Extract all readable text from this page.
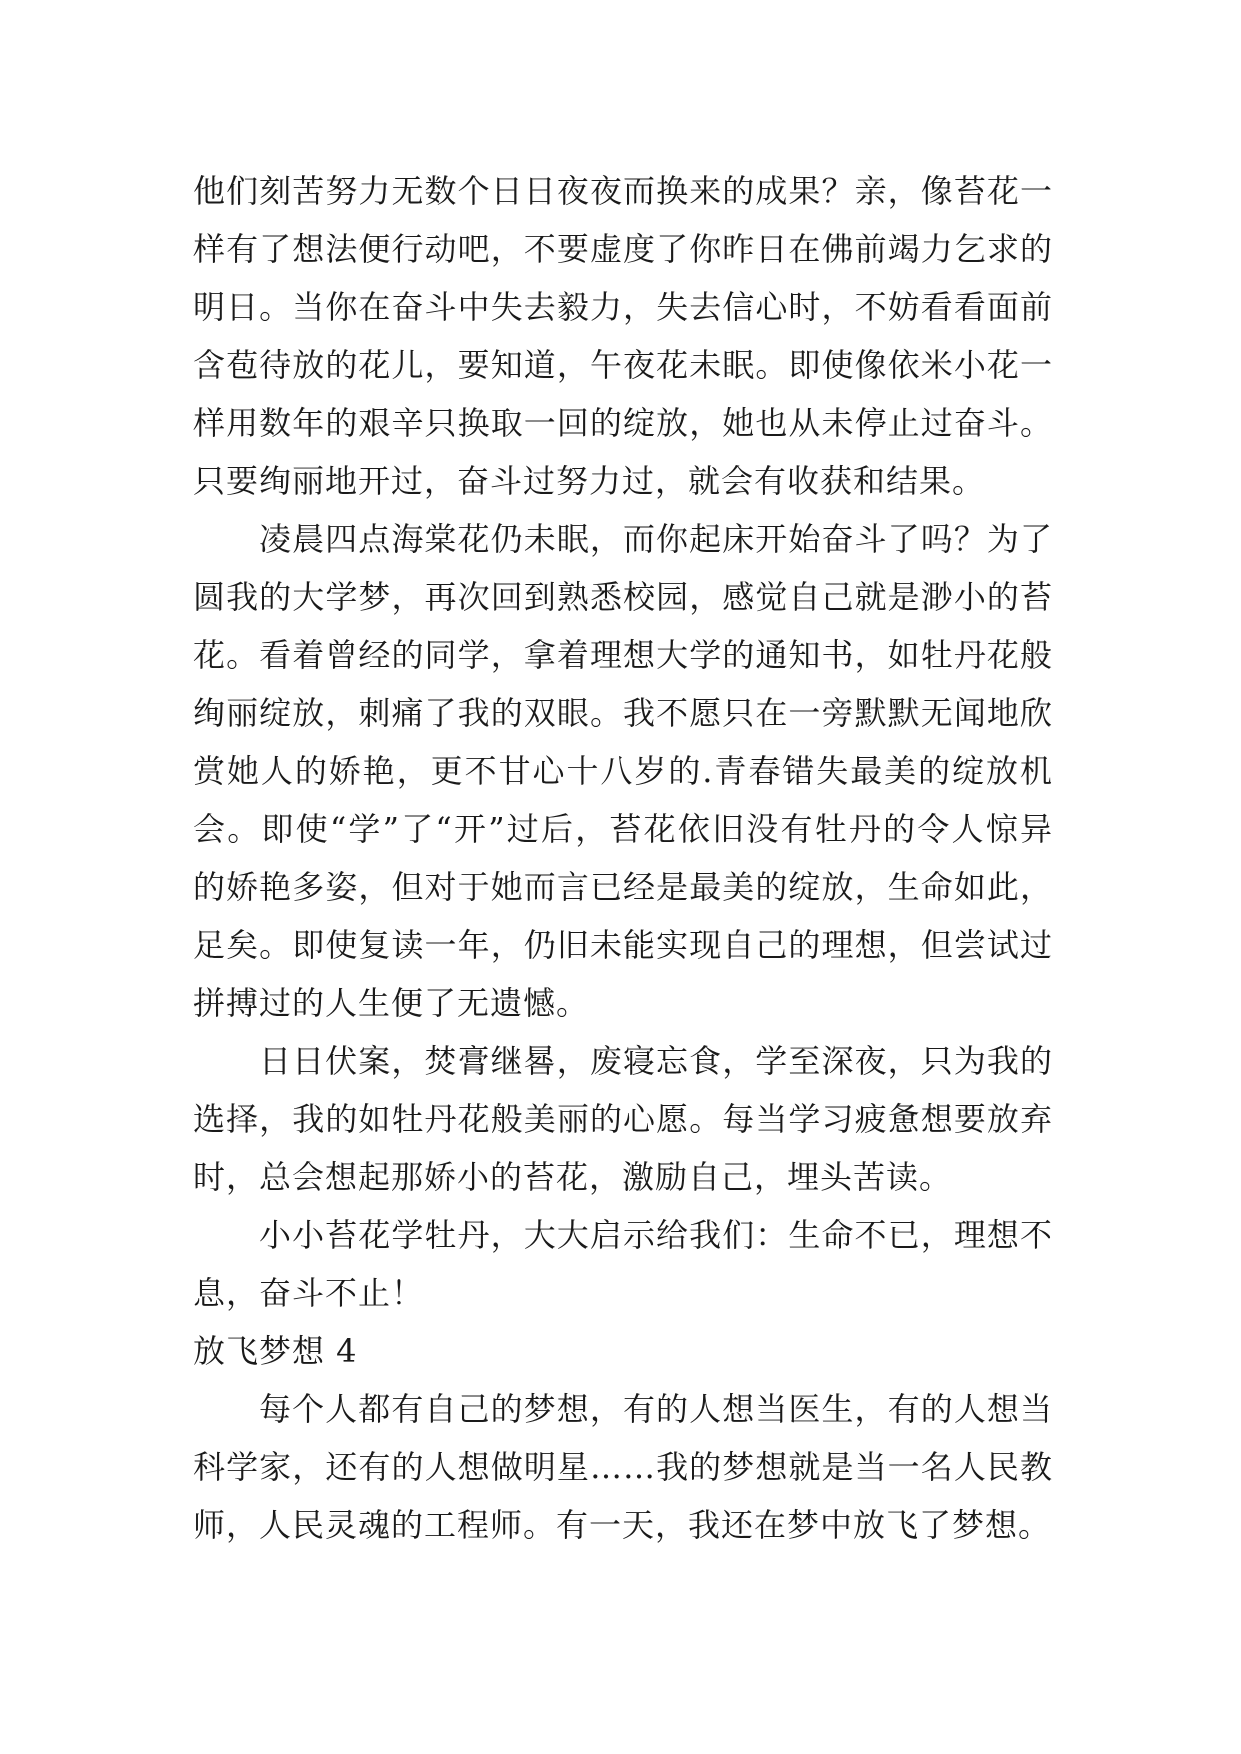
他们刻苦努力无数个日日夜夜而换来的成果？亲，像苔花一样有了想法便行动吧，不要虚度了你昨日在佛前竭力乞求的明日。当你在奋斗中失去毅力，失去信心时，不妨看看面前含苞待放的花儿，要知道，午夜花未眠。即使像依米小花一样用数年的艰辛只换取一回的绽放，她也从未停止过奋斗。只要绚丽地开过，奋斗过努力过，就会有收获和结果。

凌晨四点海棠花仍未眠，而你起床开始奋斗了吗？为了圆我的大学梦，再次回到熟悉校园，感觉自己就是渺小的苔花。看着曾经的同学，拿着理想大学的通知书，如牡丹花般绚丽绽放，刺痛了我的双眼。我不愿只在一旁默默无闻地欣赏她人的娇艳，更不甘心十八岁的.青春错失最美的绽放机会。即使“学”了“开”过后，苔花依旧没有牡丹的令人惊异的娇艳多姿，但对于她而言已经是最美的绽放，生命如此，足矣。即使复读一年，仍旧未能实现自己的理想，但尝试过拼搏过的人生便了无遗憾。

日日伏案，焚膏继晷，废寝忘食，学至深夜，只为我的选择，我的如牡丹花般美丽的心愿。每当学习疲惫想要放弃时，总会想起那娇小的苔花，激励自己，埋头苦读。

小小苔花学牡丹，大大启示给我们：生命不已，理想不息，奋斗不止！

放飞梦想 4

每个人都有自己的梦想，有的人想当医生，有的人想当科学家，还有的人想做明星……我的梦想就是当一名人民教师，人民灵魂的工程师。有一天，我还在梦中放飞了梦想。
